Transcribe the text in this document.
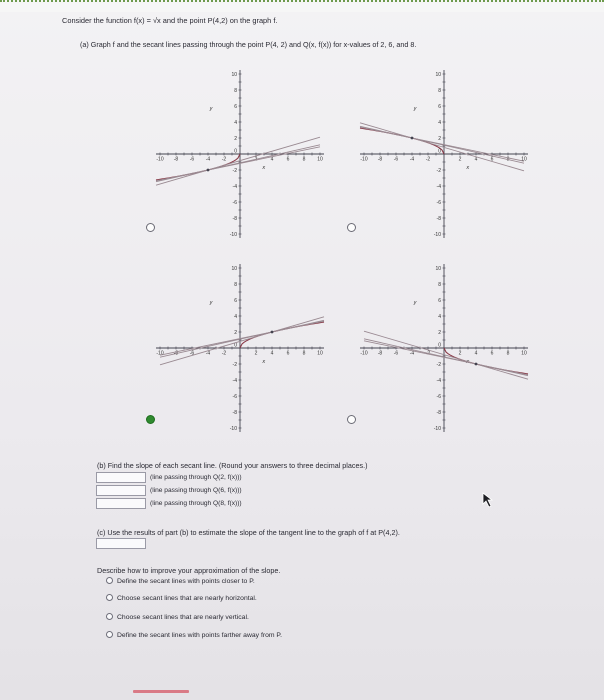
Consider the function f(x) = √x and the point P(4,2) on the graph f.
(a) Graph f and the secant lines passing through the point P(4, 2) and Q(x, f(x)) for x-values of 2, 6, and 8.
-10 -8 -6 -4 -2	4	6	8 10
10
8
6
4
2
-2
-4
-6
-8
-10
0
x
y
-10 -8 -6 -4 -2	2	4	6	10
10
8
6
4
2
-2
-4
-6
-8
-10
0
x
y
-10	-6 -4 -2	2	4	6	8 10
10
8
6
4
2
-2
-4
-6
-8
-10
0
x
y
-10 -8 -6 -4	2	4	6	8 10
10
8
6
4
2
-2
-4
-6
-8
-10
0
y
(b) Find the slope of each secant line. (Round your answers to three decimal places.)
(line passing through Q(2, f(x)))
(line passing through Q(6, f(x)))
(line passing through Q(8, f(x)))
(c) Use the results of part (b) to estimate the slope of the tangent line to the graph of f at P(4,2).
Describe how to improve your approximation of the slope.
Define the secant lines with points closer to P.
Choose secant lines that are nearly horizontal.
Choose secant lines that are nearly vertical.
Define the secant lines with points farther away from P.
